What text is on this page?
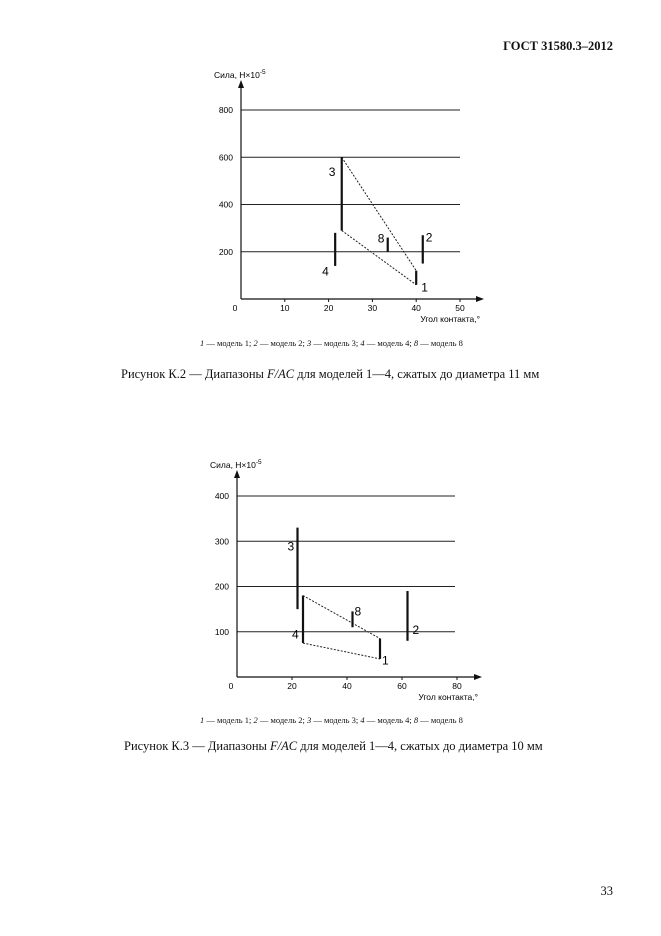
ГОСТ 31580.3–2012
200
400
600
800
0	10	20	30	40	50
Сила, $Н\times 10^{-5}$
Угол контакта,°
1
2
3
4
8
1 — модель 1; 2 — модель 2; 3 — модель 3; 4 — модель 4; 8 — модель 8
Рисунок К.2 — Диапазоны F/AC для моделей 1—4, сжатых до диаметра 11 мм
100
200
300
400
0	20	40	60	80
Сила, $Н\times 10^{-5}$
Угол контакта,°
1
2
3
4
8
1 — модель 1; 2 — модель 2; 3 — модель 3; 4 — модель 4; 8 — модель 8
Рисунок К.3 — Диапазоны F/AC для моделей 1—4, сжатых до диаметра 10 мм
33
